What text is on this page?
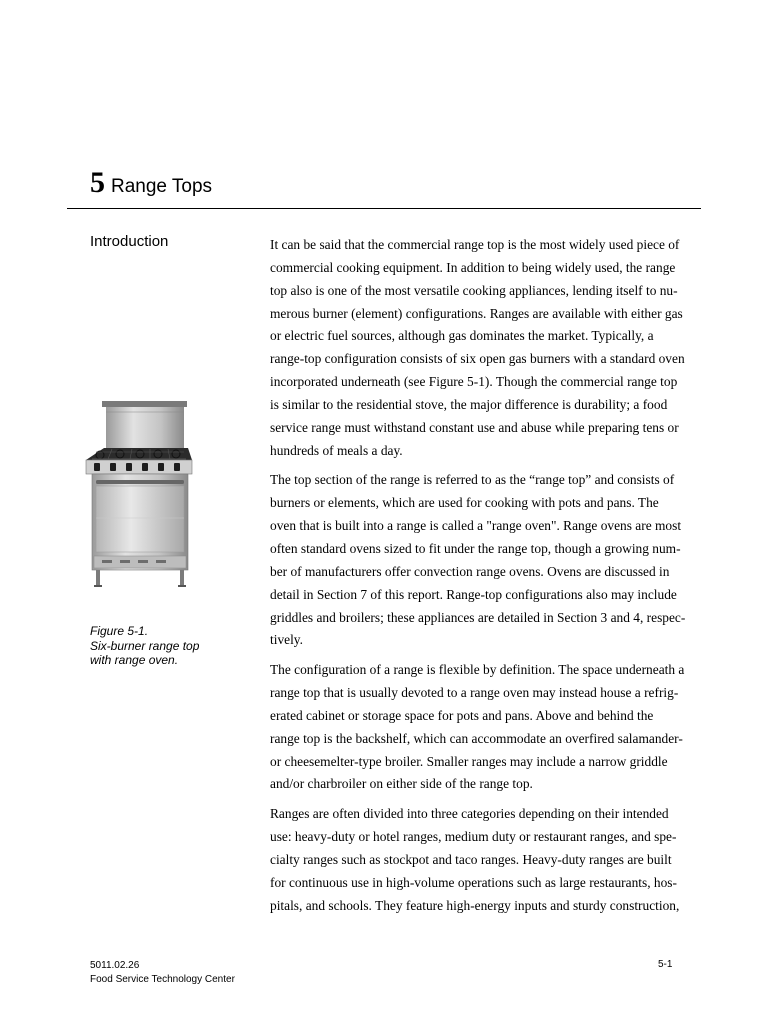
5 Range Tops
Introduction	It can be said that the commercial range top is the most widely used piece of
commercial cooking equipment. In addition to being widely used, the range
top also is one of the most versatile cooking appliances, lending itself to nu-
merous burner (element) configurations. Ranges are available with either gas
or electric fuel sources, although gas dominates the market. Typically, a
range-top configuration consists of six open gas burners with a standard oven
incorporated underneath (see Figure 5-1). Though the commercial range top
is similar to the residential stove, the major difference is durability; a food
service range must withstand constant use and abuse while preparing tens or
hundreds of meals a day.

The top section of the range is referred to as the “range top” and consists of
burners or elements, which are used for cooking with pots and pans. The
oven that is built into a range is called a "range oven". Range ovens are most
often standard ovens sized to fit under the range top, though a growing num-
ber of manufacturers offer convection range ovens. Ovens are discussed in
detail in Section 7 of this report. Range-top configurations also may include
griddles and broilers; these appliances are detailed in Section 3 and 4, respec-
tively.

The configuration of a range is flexible by definition. The space underneath a
range top that is usually devoted to a range oven may instead house a refrig-
erated cabinet or storage space for pots and pans. Above and behind the
range top is the backshelf, which can accommodate an overfired salamander-
or cheesemelter-type broiler. Smaller ranges may include a narrow griddle
and/or charbroiler on either side of the range top.

Ranges are often divided into three categories depending on their intended
use: heavy-duty or hotel ranges, medium duty or restaurant ranges, and spe-
cialty ranges such as stockpot and taco ranges. Heavy-duty ranges are built
for continuous use in high-volume operations such as large restaurants, hos-
pitals, and schools. They feature high-energy inputs and sturdy construction,

Figure 5-1.
Six-burner range top
with range oven.
5011.02.26
Food Service Technology Center
5-1
